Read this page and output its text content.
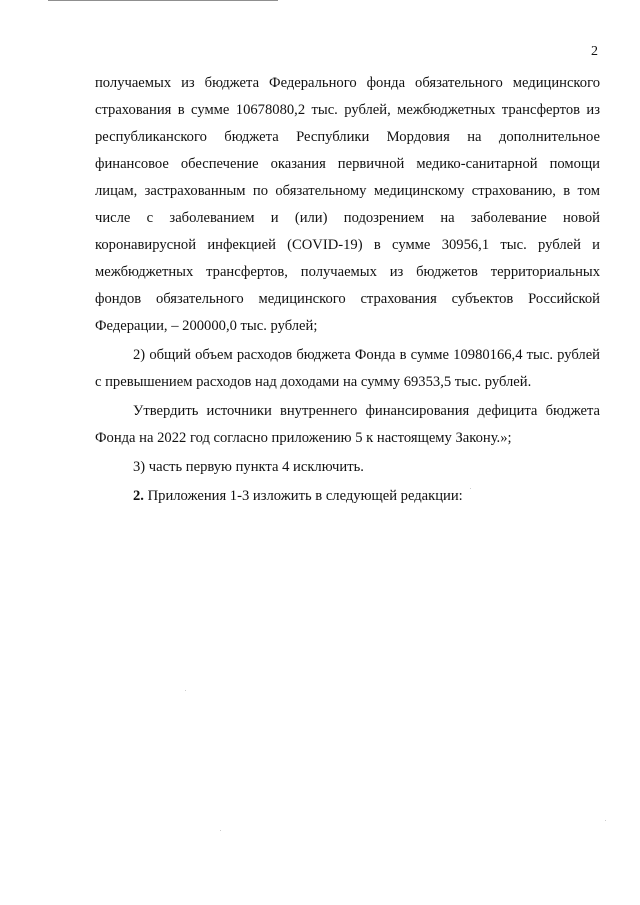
2

получаемых из бюджета Федерального фонда обязательного медицинского страхования в сумме 10678080,2 тыс. рублей, межбюджетных трансфертов из республиканского бюджета Республики Мордовия на дополнительное финансовое обеспечение оказания первичной медико-санитарной помощи лицам, застрахованным по обязательному медицинскому страхованию, в том числе с заболеванием и (или) подозрением на заболевание новой коронавирусной инфекцией (COVID-19) в сумме 30956,1 тыс. рублей и межбюджетных трансфертов, получаемых из бюджетов территориальных фондов обязательного медицинского страхования субъектов Российской Федерации, – 200000,0 тыс. рублей;

2) общий объем расходов бюджета Фонда в сумме 10980166,4 тыс. рублей с превышением расходов над доходами на сумму 69353,5 тыс. рублей.

Утвердить источники внутреннего финансирования дефицита бюджета Фонда на 2022 год согласно приложению 5 к настоящему Закону.»;

3) часть первую пункта 4 исключить.

2. Приложения 1-3 изложить в следующей редакции:
